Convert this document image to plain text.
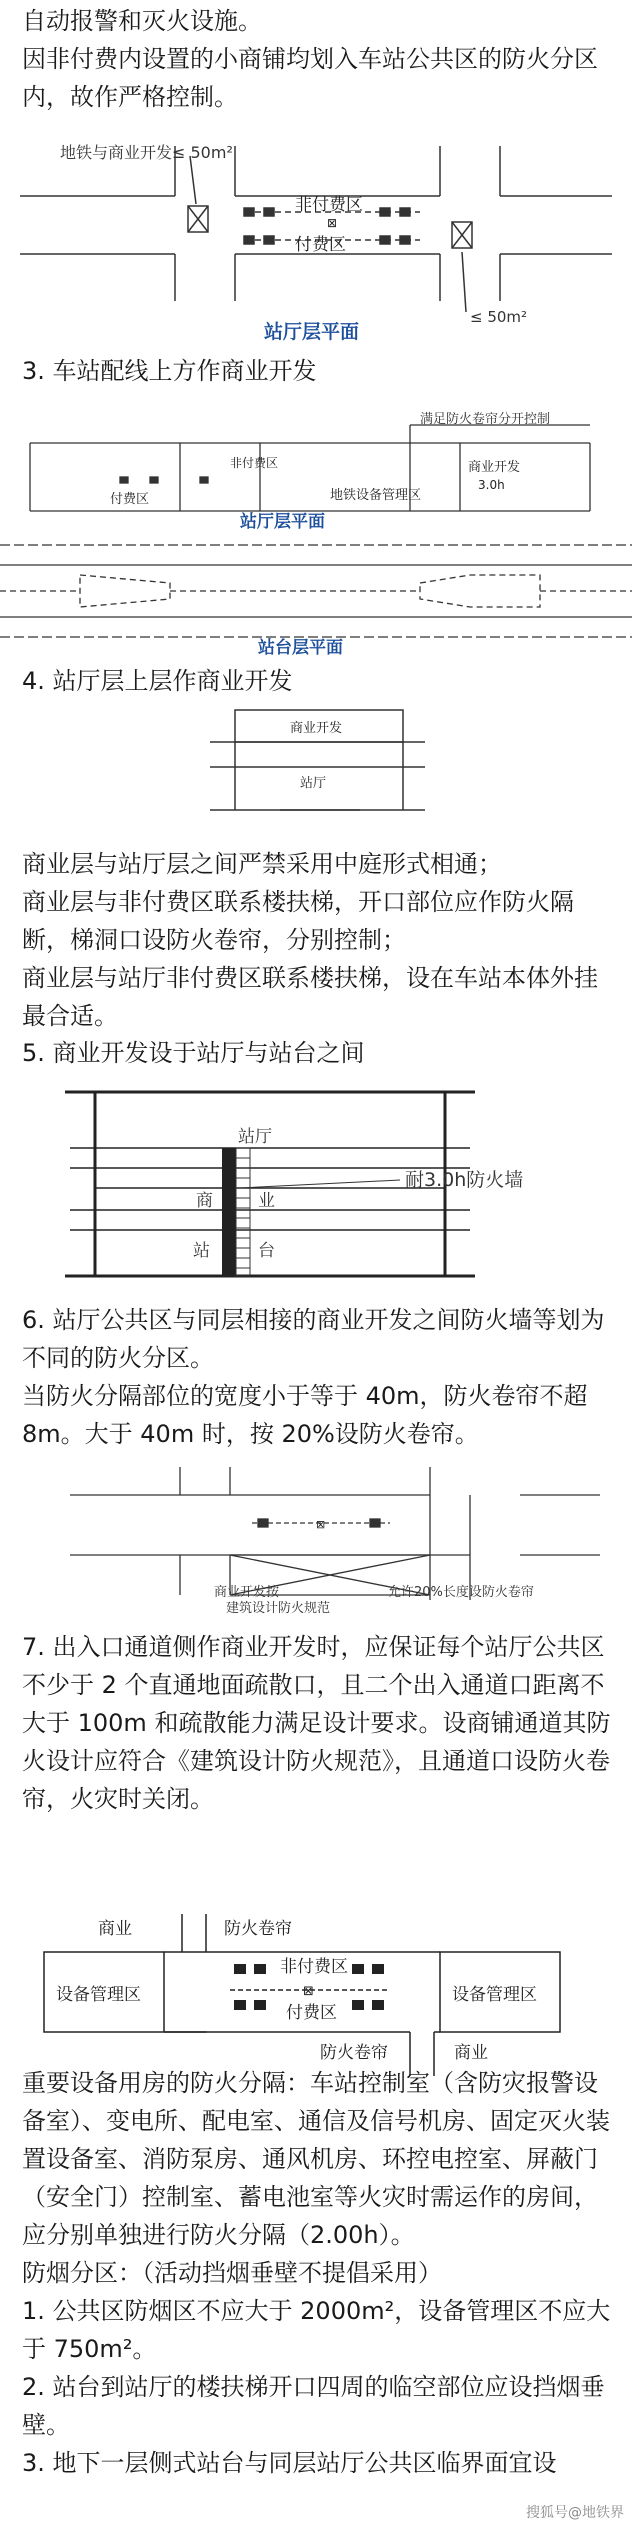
自动报警和灭火设施。

因非付费内设置的小商铺均划入车站公共区的防火分区内，故作严格控制。

地铁与商业开发≤ 50m²
非付费区
⊠
付费区
≤ 50m²
站厅层平面

3. 车站配线上方作商业开发

满足防火卷帘分开控制
商业开发
3.0h
地铁设备管理区
非付费区
付费区
站厅层平面
站台层平面

4. 站厅层上层作商业开发

商业开发
站厅

商业层与站厅层之间严禁采用中庭形式相通；

商业层与非付费区联系楼扶梯，开口部位应作防火隔断，梯洞口设防火卷帘，分别控制；

商业层与站厅非付费区联系楼扶梯，设在车站本体外挂最合适。

5. 商业开发设于站厅与站台之间

站厅
商	业
站	台
耐3.0h防火墙

6. 站厅公共区与同层相接的商业开发之间防火墙等划为不同的防火分区。

当防火分隔部位的宽度小于等于 40m，防火卷帘不超 8m。大于 40m 时，按 20%设防火卷帘。

⊠
商业开发按
建筑设计防火规范
允许20%长度设防火卷帘

7. 出入口通道侧作商业开发时，应保证每个站厅公共区不少于 2 个直通地面疏散口，且二个出入通道口距离不大于 100m 和疏散能力满足设计要求。设商铺通道其防火设计应符合《建筑设计防火规范》，且通道口设防火卷帘，火灾时关闭。

商业	防火卷帘
非付费区
⊠
付费区
设备管理区	设备管理区
防火卷帘	商业

重要设备用房的防火分隔：车站控制室（含防灾报警设备室）、变电所、配电室、通信及信号机房、固定灭火装置设备室、消防泵房、通风机房、环控电控室、屏蔽门（安全门）控制室、蓄电池室等火灾时需运作的房间，应分别单独进行防火分隔（2.00h）。

防烟分区：（活动挡烟垂壁不提倡采用）

1. 公共区防烟区不应大于 2000m²，设备管理区不应大于 750m²。

2. 站台到站厅的楼扶梯开口四周的临空部位应设挡烟垂壁。

3. 地下一层侧式站台与同层站厅公共区临界面宜设

搜狐号@地铁界
